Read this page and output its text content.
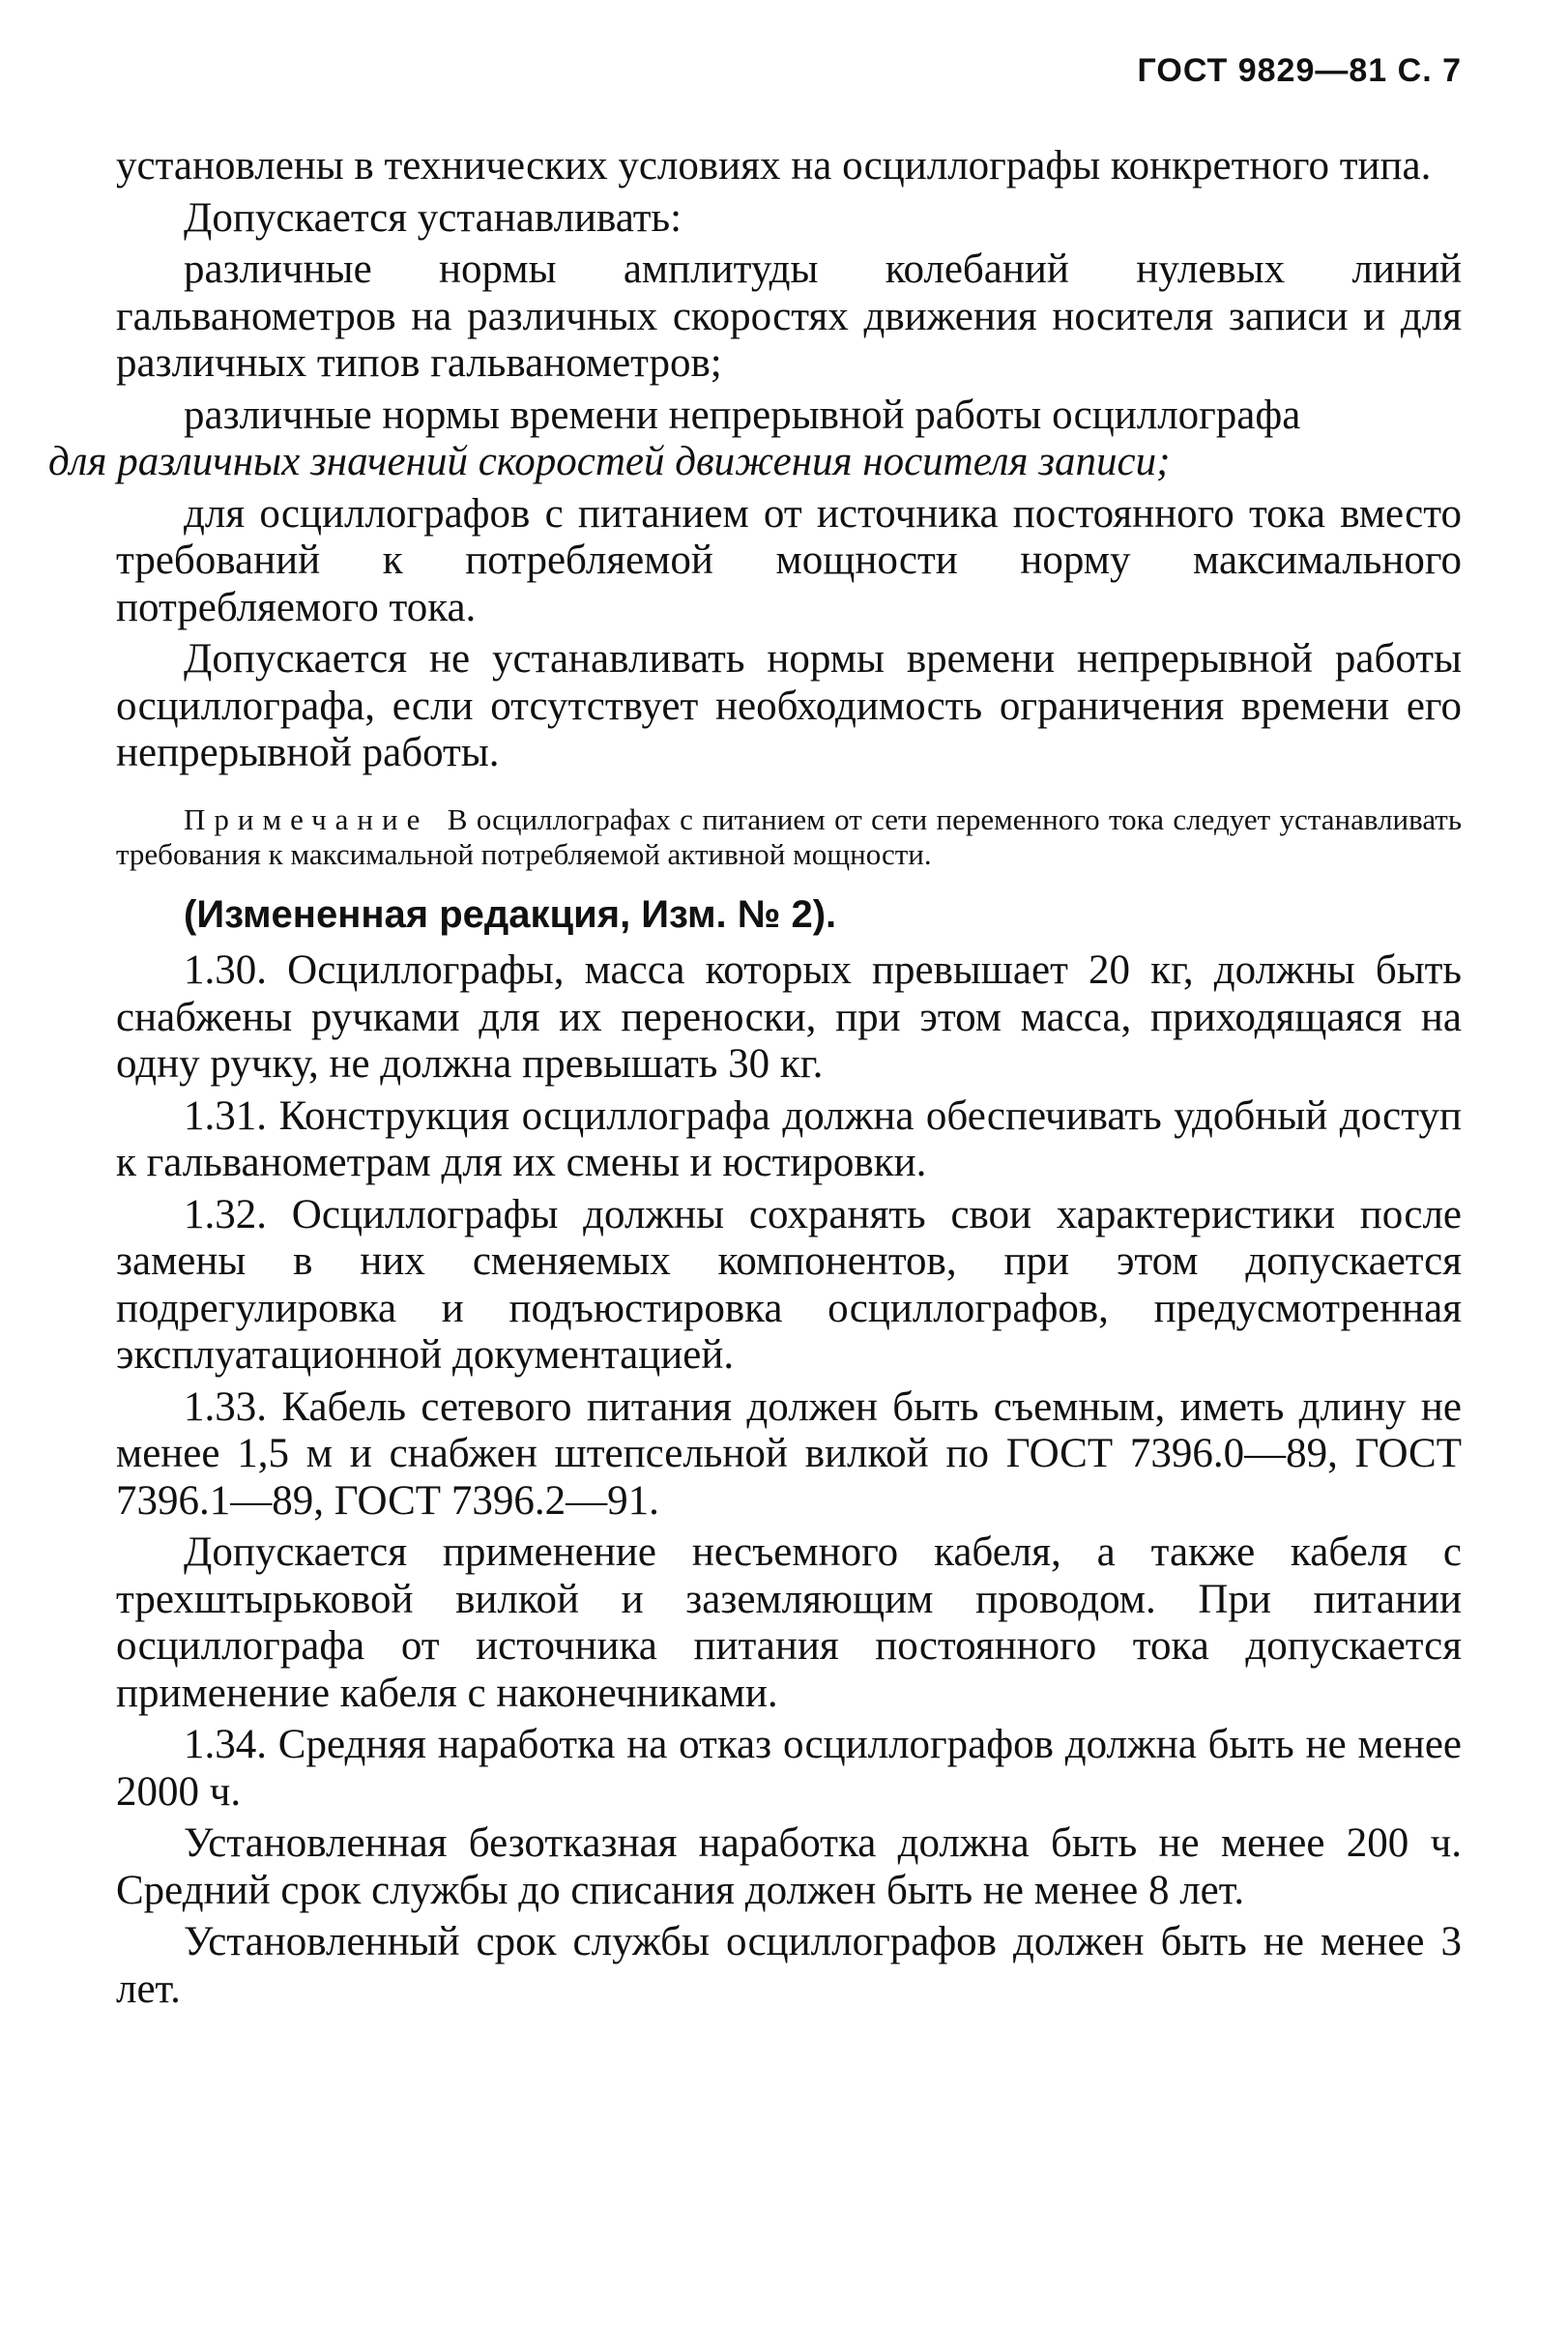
ГОСТ 9829—81 С. 7

установлены в технических условиях на осциллографы конкретного типа.

Допускается устанавливать:

различные нормы амплитуды колебаний нулевых линий гальванометров на различных скоростях движения носителя записи и для различных типов гальванометров;

различные нормы времени непрерывной работы осциллографа
для различных значений скоростей движения носителя записи;

для осциллографов с питанием от источника постоянного тока вместо требований к потребляемой мощности норму максимального потребляемого тока.

Допускается не устанавливать нормы времени непрерывной работы осциллографа, если отсутствует необходимость ограничения времени его непрерывной работы.

Примечание В осциллографах с питанием от сети переменного тока следует устанавливать требования к максимальной потребляемой активной мощности.
(Измененная редакция, Изм. № 2).

1.30. Осциллографы, масса которых превышает 20 кг, должны быть снабжены ручками для их переноски, при этом масса, приходящаяся на одну ручку, не должна превышать 30 кг.

1.31. Конструкция осциллографа должна обеспечивать удобный доступ к гальванометрам для их смены и юстировки.

1.32. Осциллографы должны сохранять свои характеристики после замены в них сменяемых компонентов, при этом допускается подрегулировка и подъюстировка осциллографов, предусмотренная эксплуатационной документацией.

1.33. Кабель сетевого питания должен быть съемным, иметь длину не менее 1,5 м и снабжен штепсельной вилкой по ГОСТ 7396.0—89, ГОСТ 7396.1—89, ГОСТ 7396.2—91.

Допускается применение несъемного кабеля, а также кабеля с трехштырьковой вилкой и заземляющим проводом. При питании осциллографа от источника питания постоянного тока допускается применение кабеля с наконечниками.

1.34. Средняя наработка на отказ осциллографов должна быть не менее 2000 ч.

Установленная безотказная наработка должна быть не менее 200 ч. Средний срок службы до списания должен быть не менее 8 лет.

Установленный срок службы осциллографов должен быть не менее 3 лет.
